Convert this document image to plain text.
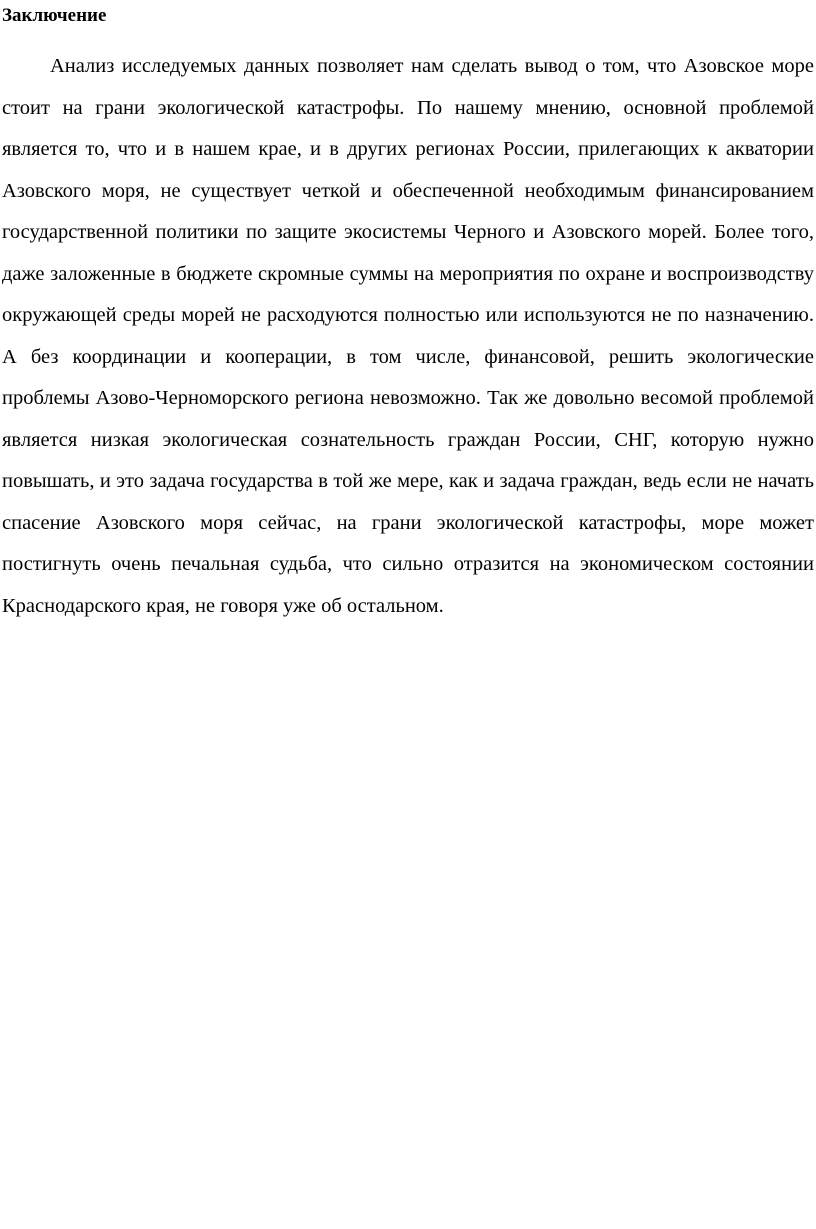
Заключение

Анализ исследуемых данных позволяет нам сделать вывод о том, что Азовское море стоит на грани экологической катастрофы. По нашему мнению, основной проблемой является то, что и в нашем крае, и в других регионах России, прилегающих к акватории Азовского моря, не существует четкой и обеспеченной необходимым финансированием государственной политики по защите экосистемы Черного и Азовского морей. Более того, даже заложенные в бюджете скромные суммы на мероприятия по охране и воспроизводству окружающей среды морей не расходуются полностью или используются не по назначению. А без координации и кооперации, в том числе, финансовой, решить экологические проблемы Азово-Черноморского региона невозможно. Так же довольно весомой проблемой является низкая экологическая сознательность граждан России, СНГ, которую нужно повышать, и это задача государства в той же мере, как и задача граждан, ведь если не начать спасение Азовского моря сейчас, на грани экологической катастрофы, море может постигнуть очень печальная судьба, что сильно отразится на экономическом состоянии Краснодарского края, не говоря уже об остальном.
